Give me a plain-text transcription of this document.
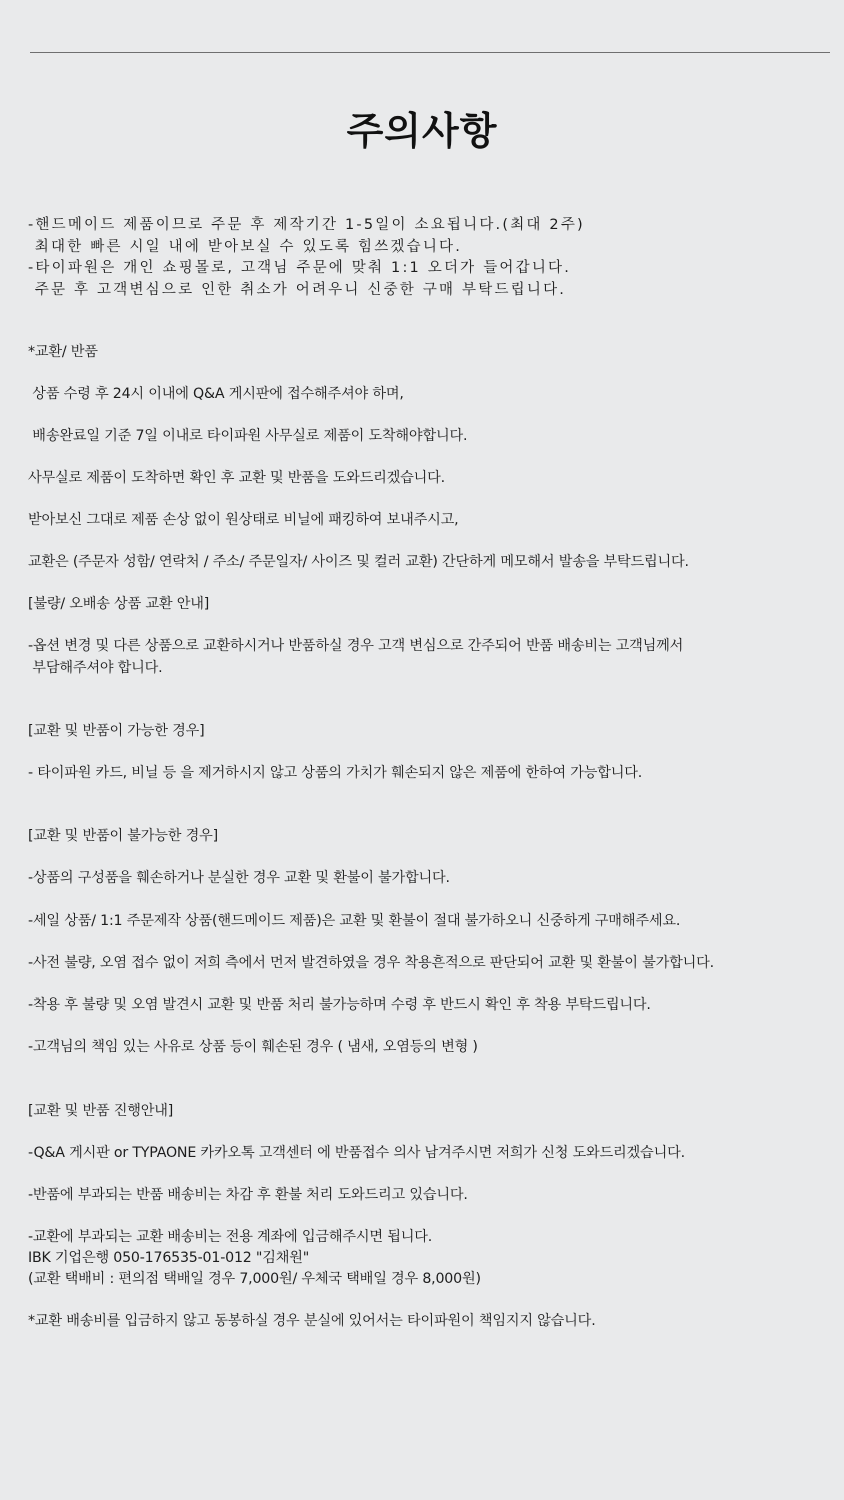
주의사항

-핸드메이드 제품이므로 주문 후 제작기간 1-5일이 소요됩니다.(최대 2주)

최대한 빠른 시일 내에 받아보실 수 있도록 힘쓰겠습니다.

-타이파원은 개인 쇼핑몰로, 고객님 주문에 맞춰 1:1 오더가 들어갑니다.

주문 후 고객변심으로 인한 취소가 어려우니 신중한 구매 부탁드립니다.

*교환/ 반품
상품 수령 후 24시 이내에 Q&A 게시판에 접수해주셔야 하며,
배송완료일 기준 7일 이내로 타이파원 사무실로 제품이 도착해야합니다.
사무실로 제품이 도착하면 확인 후 교환 및 반품을 도와드리겠습니다.
받아보신 그대로 제품 손상 없이 원상태로 비닐에 패킹하여 보내주시고,
교환은 (주문자 성함/ 연락처 / 주소/ 주문일자/ 사이즈 및 컬러 교환) 간단하게 메모해서 발송을 부탁드립니다.
[불량/ 오배송 상품 교환 안내]
-옵션 변경 및 다른 상품으로 교환하시거나 반품하실 경우 고객 변심으로 간주되어 반품 배송비는 고객님께서
부담해주셔야 합니다.
[교환 및 반품이 가능한 경우]
- 타이파원 카드, 비닐 등 을 제거하시지 않고 상품의 가치가 훼손되지 않은 제품에 한하여 가능합니다.
[교환 및 반품이 불가능한 경우]
-상품의 구성품을 훼손하거나 분실한 경우 교환 및 환불이 불가합니다.
-세일 상품/ 1:1 주문제작 상품(핸드메이드 제품)은 교환 및 환불이 절대 불가하오니 신중하게 구매해주세요.
-사전 불량, 오염 접수 없이 저희 측에서 먼저 발견하였을 경우 착용흔적으로 판단되어 교환 및 환불이 불가합니다.
-착용 후 불량 및 오염 발견시 교환 및 반품 처리 불가능하며 수령 후 반드시 확인 후 착용 부탁드립니다.
-고객님의 책임 있는 사유로 상품 등이 훼손된 경우 ( 냄새, 오염등의 변형 )
[교환 및 반품 진행안내]
-Q&A 게시판 or TYPAONE 카카오톡 고객센터 에 반품접수 의사 남겨주시면 저희가 신청 도와드리겠습니다.
-반품에 부과되는 반품 배송비는 차감 후 환불 처리 도와드리고 있습니다.
-교환에 부과되는 교환 배송비는 전용 계좌에 입금해주시면 됩니다.
IBK 기업은행 050-176535-01-012 "김채원"
(교환 택배비 : 편의점 택배일 경우 7,000원/ 우체국 택배일 경우 8,000원)
*교환 배송비를 입금하지 않고 동봉하실 경우 분실에 있어서는 타이파원이 책임지지 않습니다.
